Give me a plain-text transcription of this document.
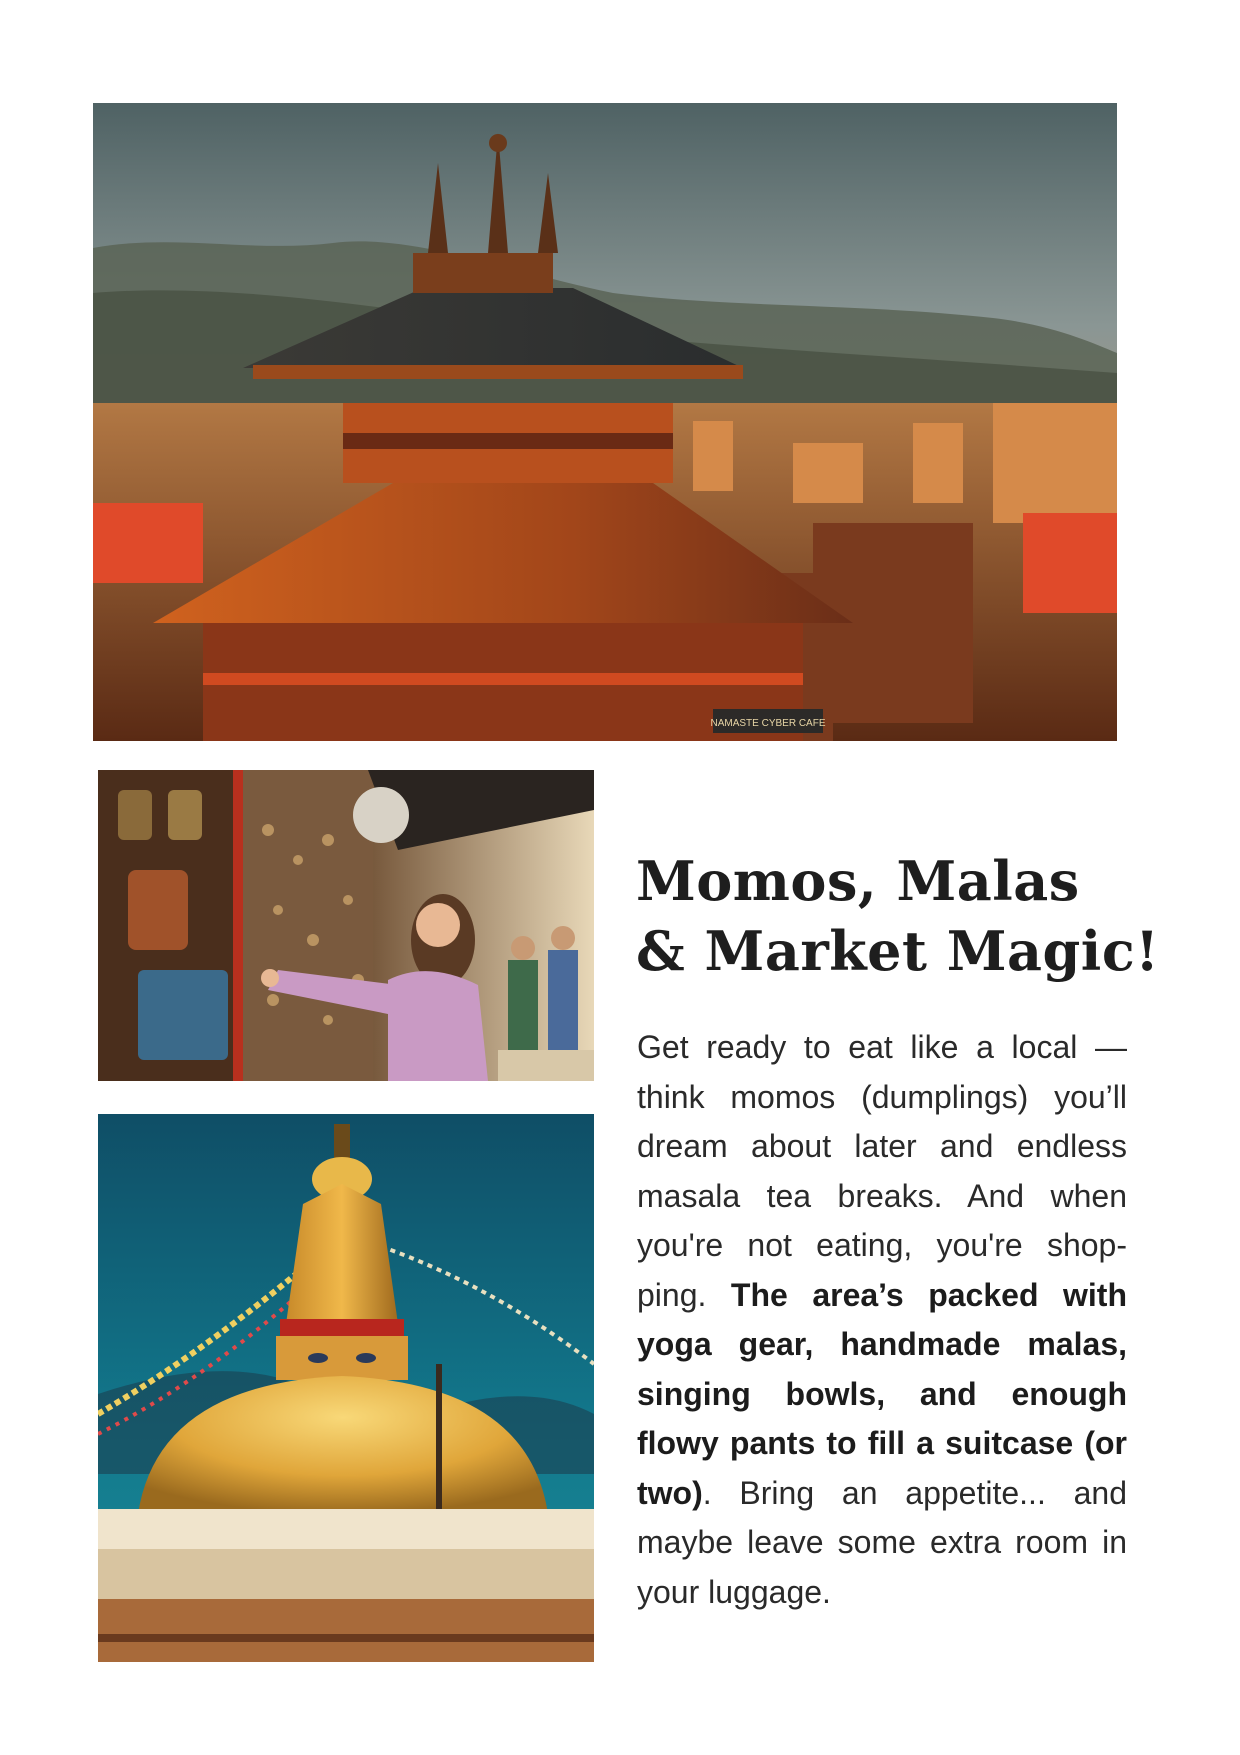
NAMASTE CYBER CAFE
Momos, Malas
& Market Magic!

Get ready to eat like a local — think momos (dumplings) you’ll dream about later and endless masala tea breaks. And when you're not eating, you're shop-ping. The area’s packed with yoga gear, handmade malas, singing bowls, and enough flowy pants to fill a suitcase (or two). Bring an appetite... and maybe leave some extra room in your luggage.
